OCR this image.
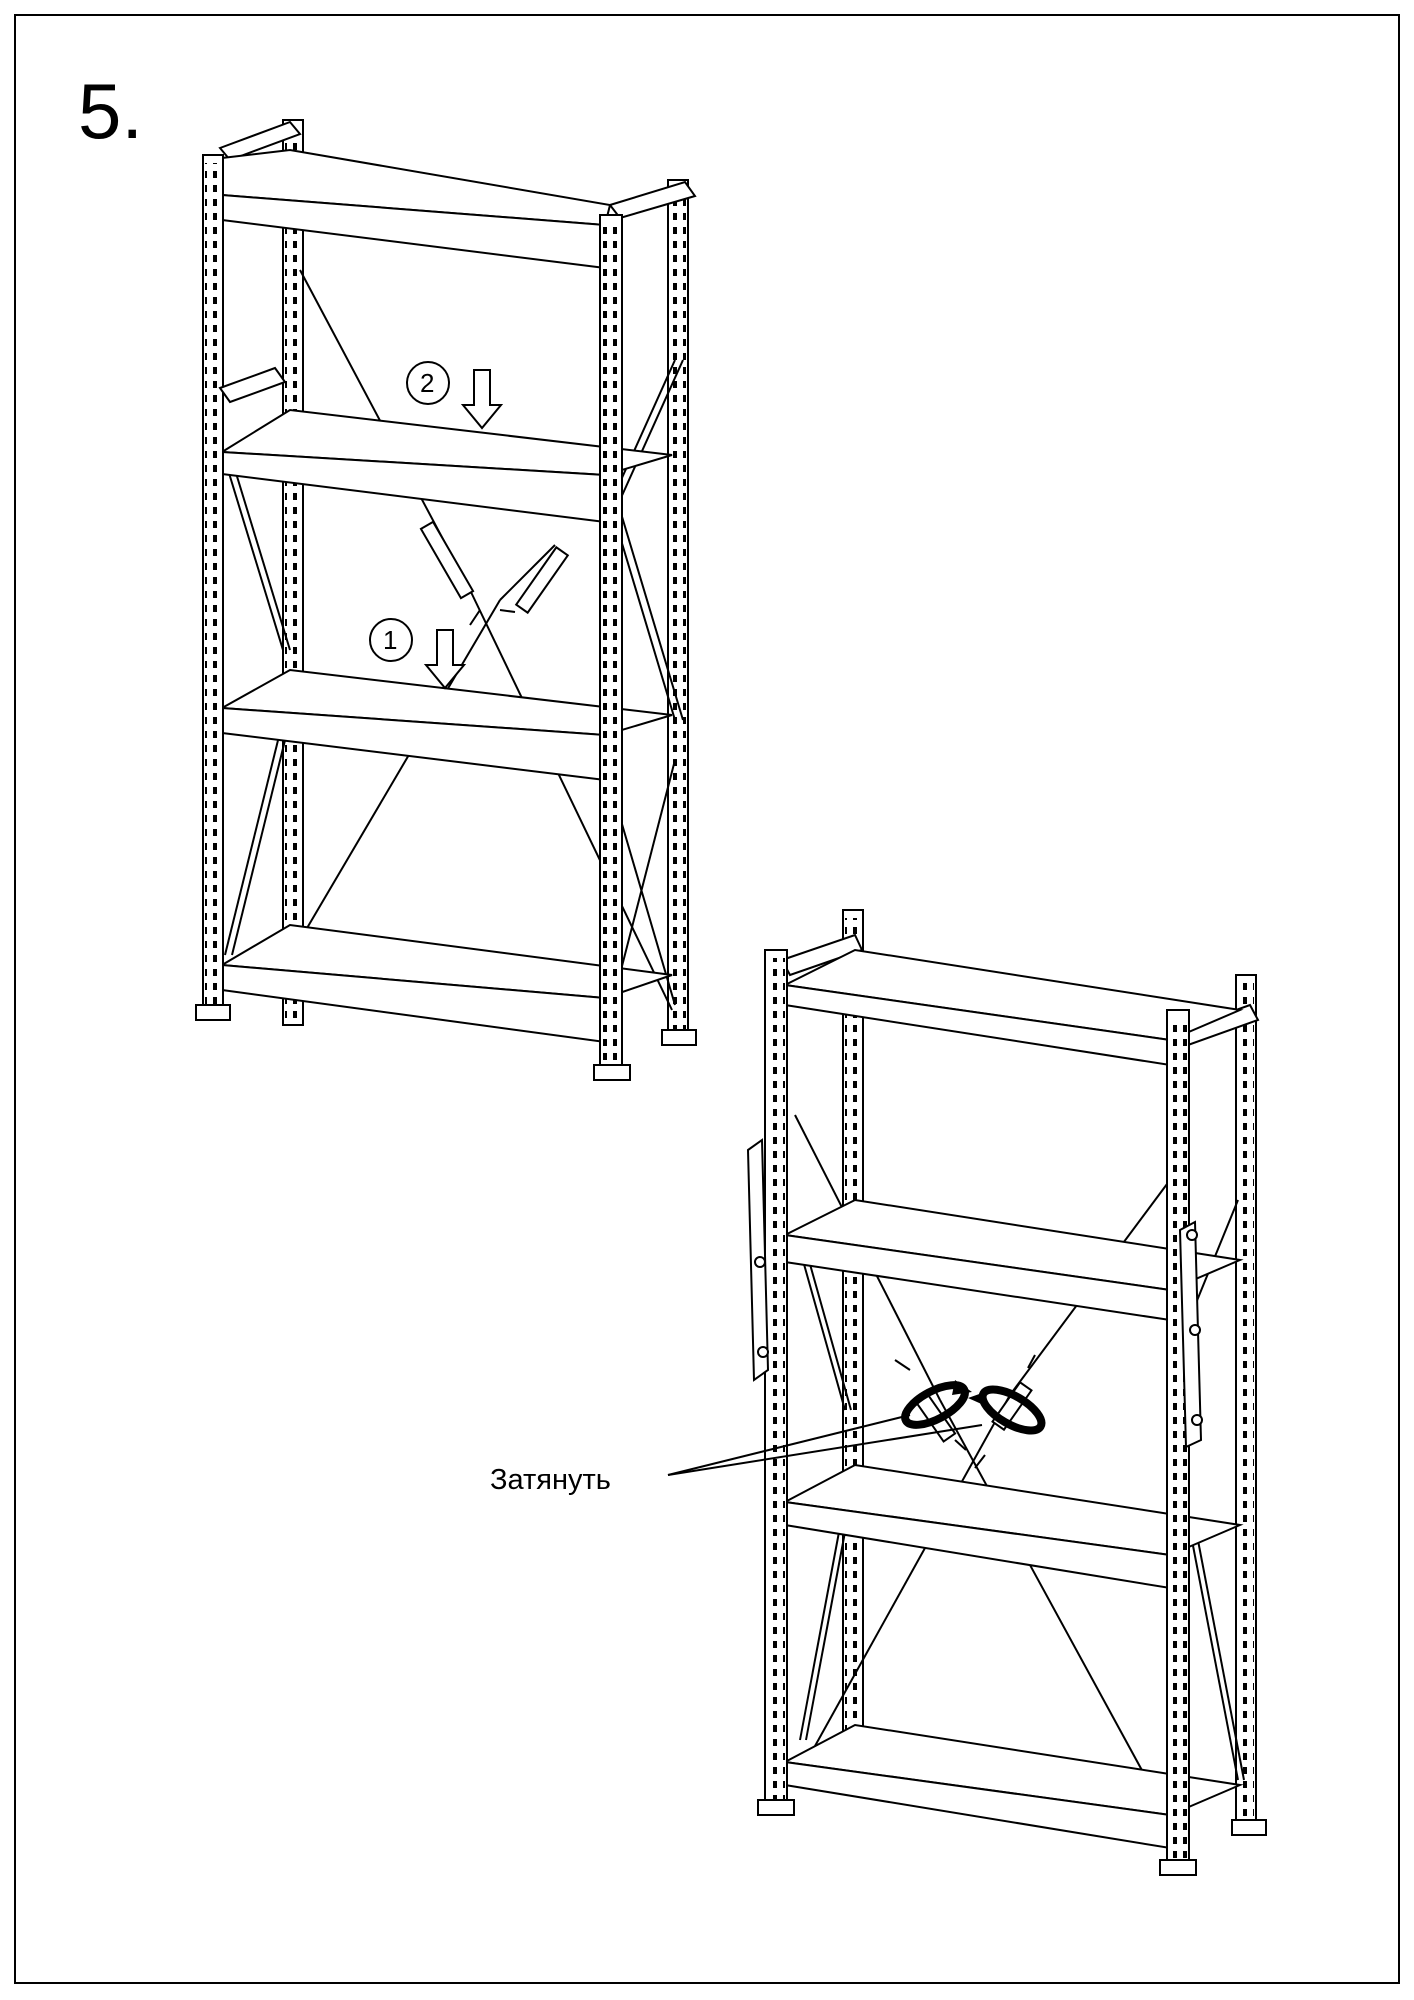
5.
2
1
Затянуть
